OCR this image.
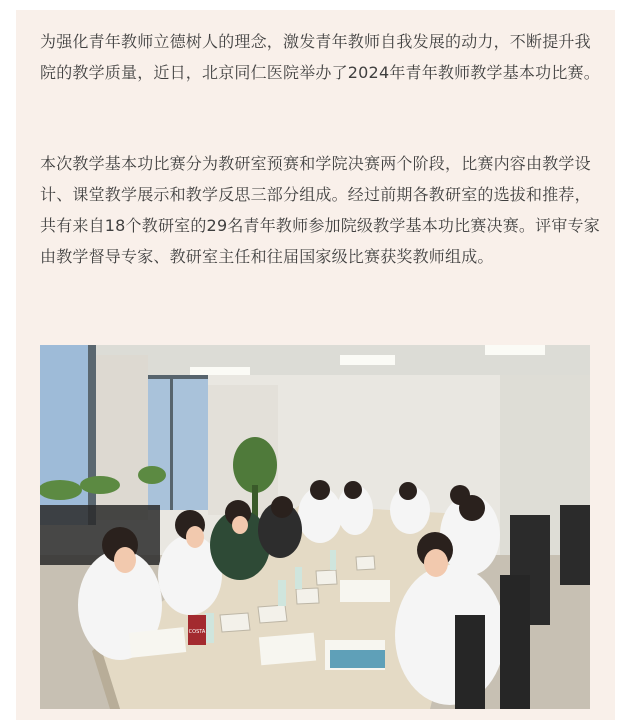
为强化青年教师立德树人的理念，激发青年教师自我发展的动力，不断提升我院的教学质量，近日，北京同仁医院举办了2024年青年教师教学基本功比赛。

本次教学基本功比赛分为教研室预赛和学院决赛两个阶段，比赛内容由教学设计、课堂教学展示和教学反思三部分组成。经过前期各教研室的选拔和推荐，共有来自18个教研室的29名青年教师参加院级教学基本功比赛决赛。评审专家由教学督导专家、教研室主任和往届国家级比赛获奖教师组成。

COSTA
